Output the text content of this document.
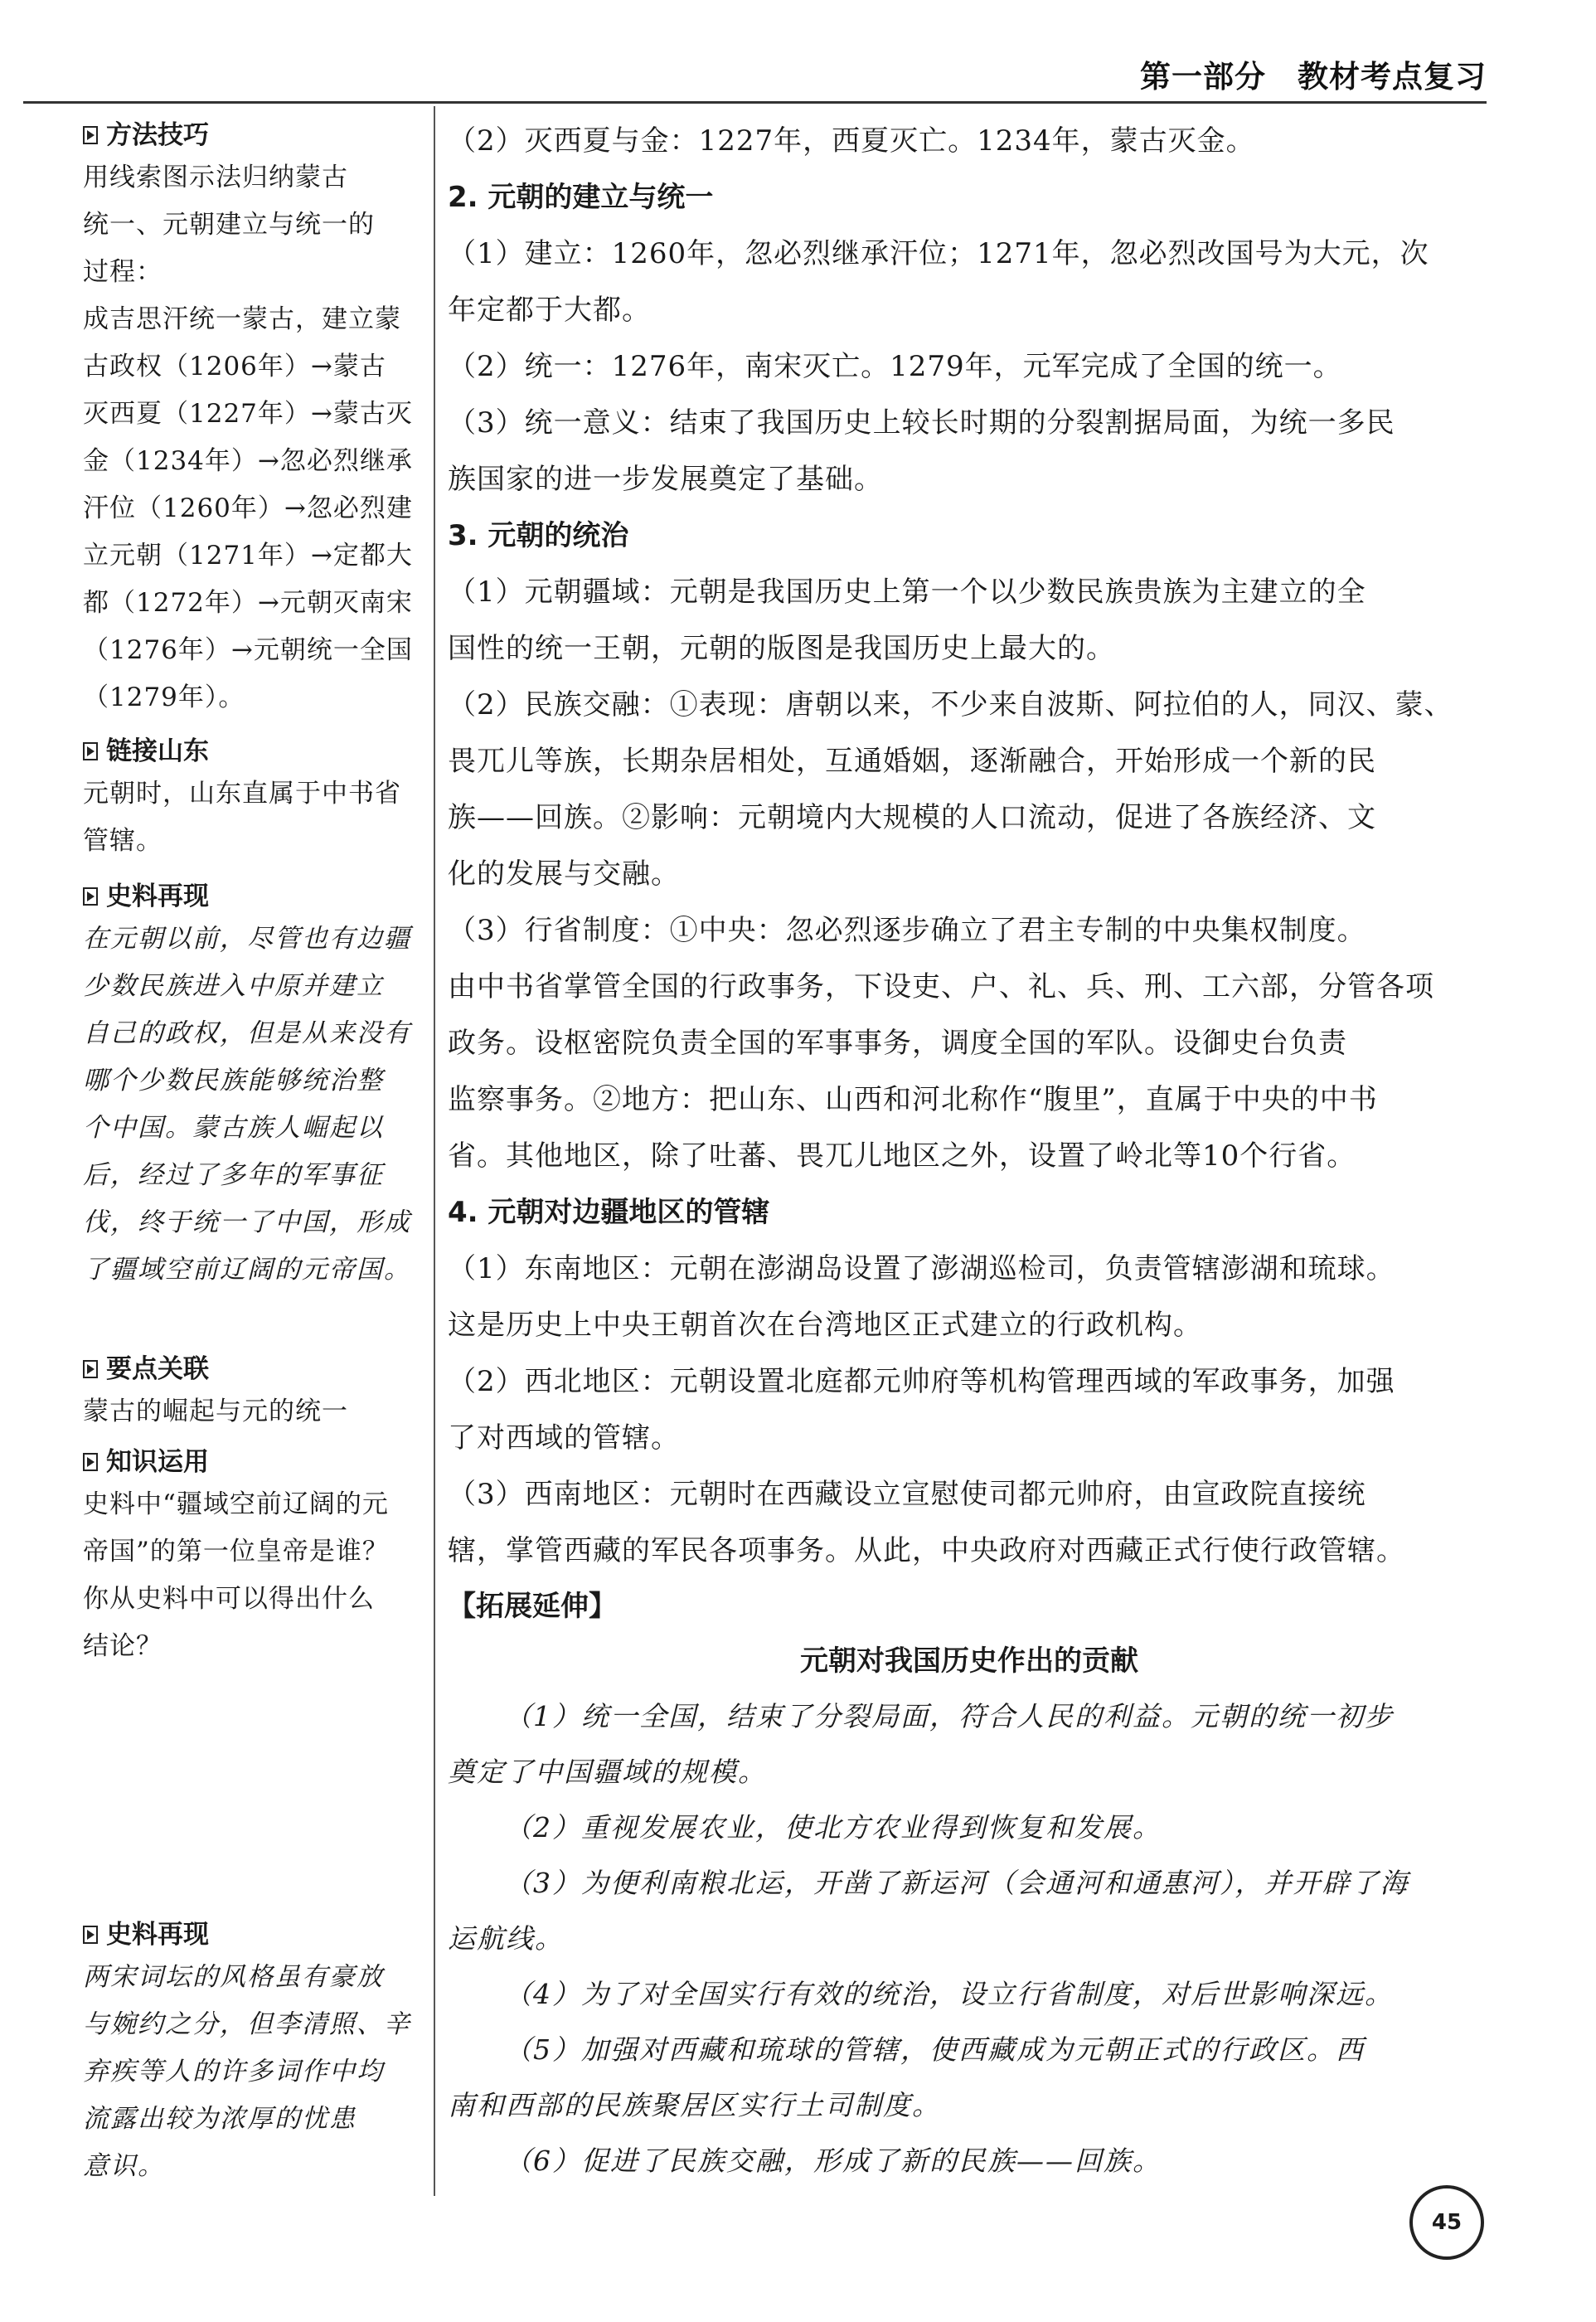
第一部分　教材考点复习
方法技巧
用线索图示法归纳蒙古
统一、元朝建立与统一的
过程：
成吉思汗统一蒙古，建立蒙
古政权（1206年）→蒙古
灭西夏（1227年）→蒙古灭
金（1234年）→忽必烈继承
汗位（1260年）→忽必烈建
立元朝（1271年）→定都大
都（1272年）→元朝灭南宋
（1276年）→元朝统一全国
（1279年）。
链接山东
元朝时，山东直属于中书省
管辖。
史料再现
在元朝以前，尽管也有边疆
少数民族进入中原并建立
自己的政权，但是从来没有
哪个少数民族能够统治整
个中国。蒙古族人崛起以
后，经过了多年的军事征
伐，终于统一了中国，形成
了疆域空前辽阔的元帝国。
要点关联
蒙古的崛起与元的统一
知识运用
史料中“疆域空前辽阔的元
帝国”的第一位皇帝是谁？
你从史料中可以得出什么
结论？
史料再现
两宋词坛的风格虽有豪放
与婉约之分，但李清照、辛
弃疾等人的许多词作中均
流露出较为浓厚的忧患
意识。
（2）灭西夏与金：1227年，西夏灭亡。1234年，蒙古灭金。
2. 元朝的建立与统一
（1）建立：1260年，忽必烈继承汗位；1271年，忽必烈改国号为大元，次
年定都于大都。
（2）统一：1276年，南宋灭亡。1279年，元军完成了全国的统一。
（3）统一意义：结束了我国历史上较长时期的分裂割据局面，为统一多民
族国家的进一步发展奠定了基础。
3. 元朝的统治
（1）元朝疆域：元朝是我国历史上第一个以少数民族贵族为主建立的全
国性的统一王朝，元朝的版图是我国历史上最大的。
（2）民族交融：①表现：唐朝以来，不少来自波斯、阿拉伯的人，同汉、蒙、
畏兀儿等族，长期杂居相处，互通婚姻，逐渐融合，开始形成一个新的民
族——回族。②影响：元朝境内大规模的人口流动，促进了各族经济、文
化的发展与交融。
（3）行省制度：①中央：忽必烈逐步确立了君主专制的中央集权制度。
由中书省掌管全国的行政事务，下设吏、户、礼、兵、刑、工六部，分管各项
政务。设枢密院负责全国的军事事务，调度全国的军队。设御史台负责
监察事务。②地方：把山东、山西和河北称作“腹里”，直属于中央的中书
省。其他地区，除了吐蕃、畏兀儿地区之外，设置了岭北等10个行省。
4. 元朝对边疆地区的管辖
（1）东南地区：元朝在澎湖岛设置了澎湖巡检司，负责管辖澎湖和琉球。
这是历史上中央王朝首次在台湾地区正式建立的行政机构。
（2）西北地区：元朝设置北庭都元帅府等机构管理西域的军政事务，加强
了对西域的管辖。
（3）西南地区：元朝时在西藏设立宣慰使司都元帅府，由宣政院直接统
辖，掌管西藏的军民各项事务。从此，中央政府对西藏正式行使行政管辖。
【拓展延伸】
元朝对我国历史作出的贡献
（1）统一全国，结束了分裂局面，符合人民的利益。元朝的统一初步
奠定了中国疆域的规模。
（2）重视发展农业，使北方农业得到恢复和发展。
（3）为便利南粮北运，开凿了新运河（会通河和通惠河），并开辟了海
运航线。
（4）为了对全国实行有效的统治，设立行省制度，对后世影响深远。
（5）加强对西藏和琉球的管辖，使西藏成为元朝正式的行政区。西
南和西部的民族聚居区实行土司制度。
（6）促进了民族交融，形成了新的民族——回族。
45
